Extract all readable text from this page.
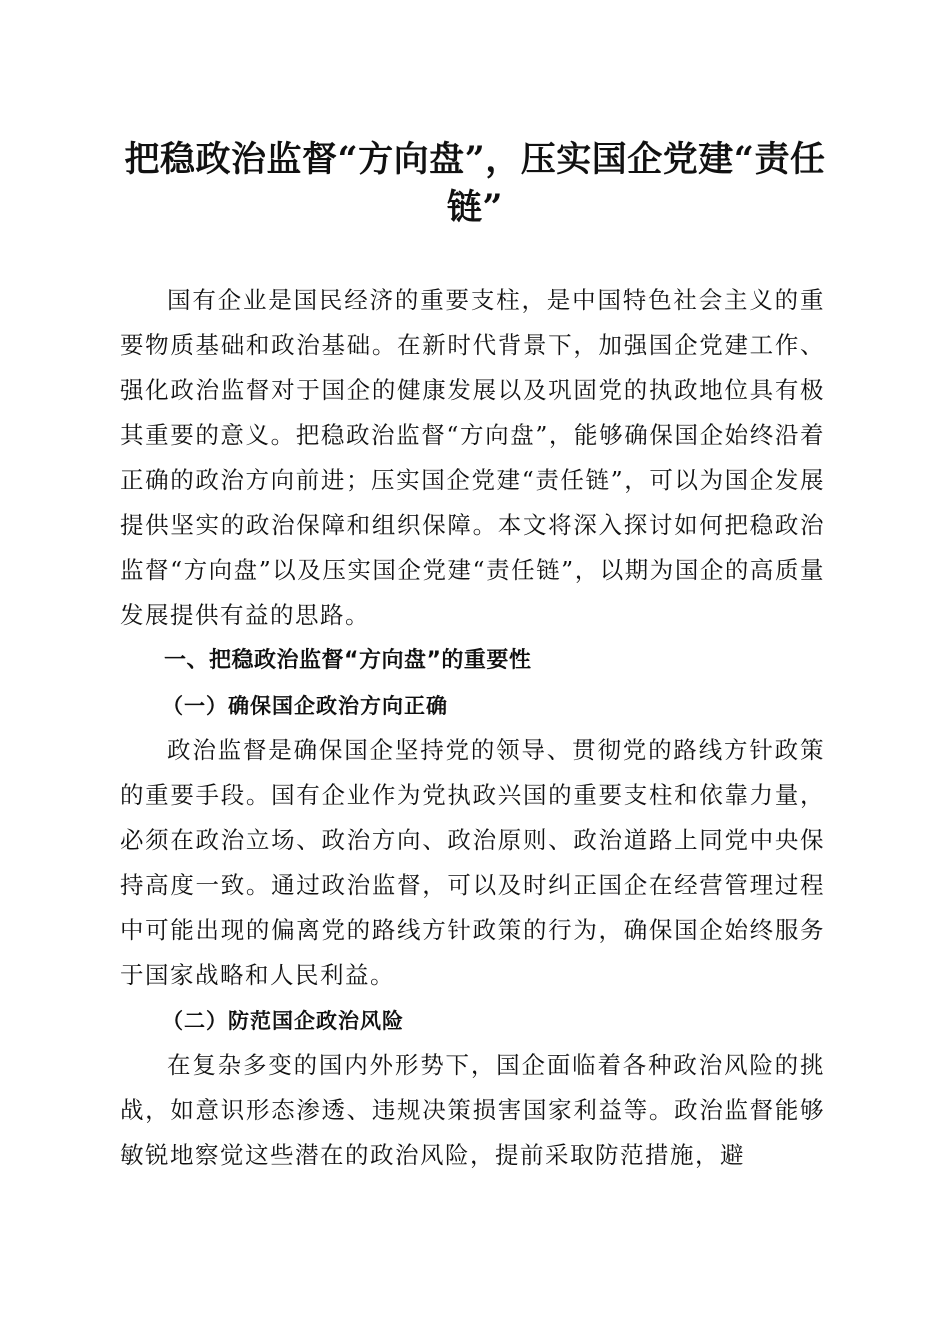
把稳政治监督“方向盘”，压实国企党建“责任链”

国有企业是国民经济的重要支柱，是中国特色社会主义的重要物质基础和政治基础。在新时代背景下，加强国企党建工作、强化政治监督对于国企的健康发展以及巩固党的执政地位具有极其重要的意义。把稳政治监督“方向盘”，能够确保国企始终沿着正确的政治方向前进；压实国企党建“责任链”，可以为国企发展提供坚实的政治保障和组织保障。本文将深入探讨如何把稳政治监督“方向盘”以及压实国企党建“责任链”，以期为国企的高质量发展提供有益的思路。

一、把稳政治监督“方向盘”的重要性

（一）确保国企政治方向正确

政治监督是确保国企坚持党的领导、贯彻党的路线方针政策的重要手段。国有企业作为党执政兴国的重要支柱和依靠力量，必须在政治立场、政治方向、政治原则、政治道路上同党中央保持高度一致。通过政治监督，可以及时纠正国企在经营管理过程中可能出现的偏离党的路线方针政策的行为，确保国企始终服务于国家战略和人民利益。

（二）防范国企政治风险

在复杂多变的国内外形势下，国企面临着各种政治风险的挑战，如意识形态渗透、违规决策损害国家利益等。政治监督能够敏锐地察觉这些潜在的政治风险，提前采取防范措施，避
